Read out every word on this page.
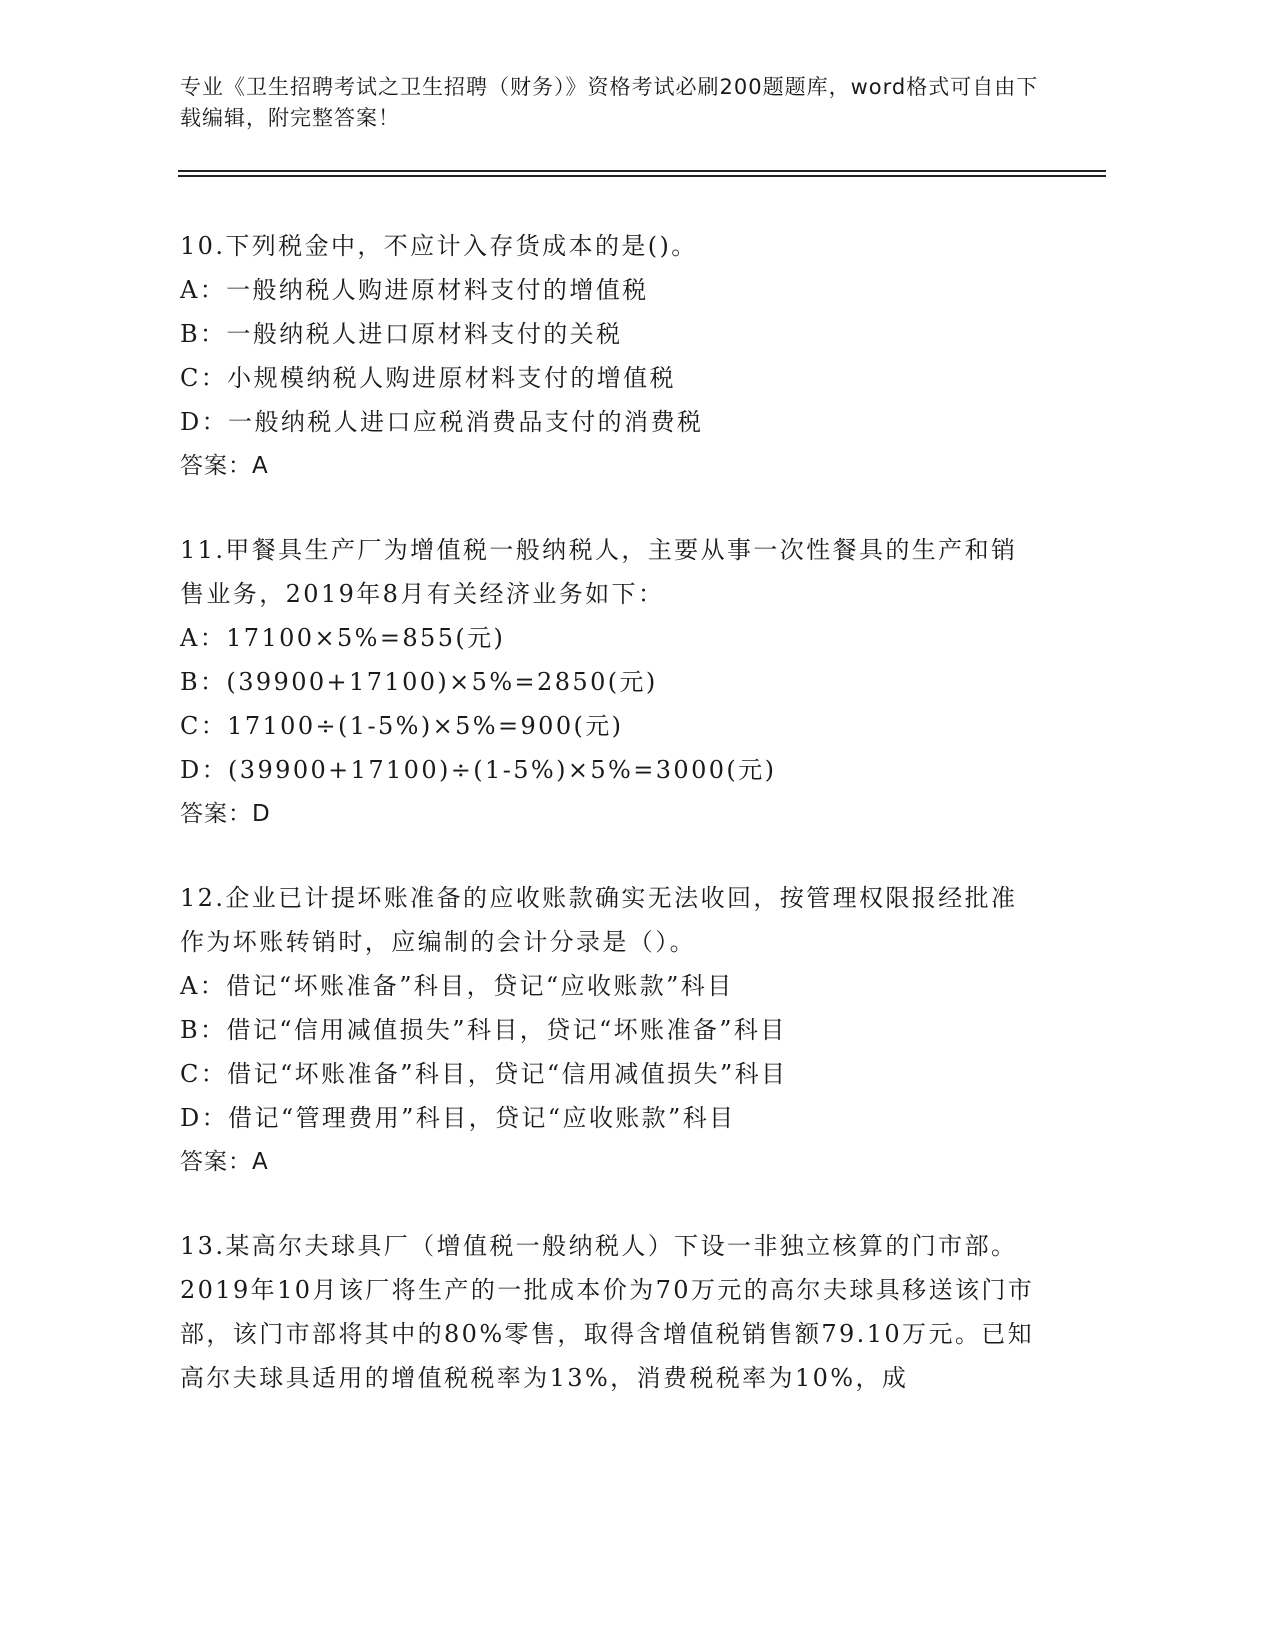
专业《卫生招聘考试之卫生招聘（财务）》资格考试必刷200题题库，word格式可自由下载编辑，附完整答案！
10.下列税金中，不应计入存货成本的是()。
A：一般纳税人购进原材料支付的增值税
B：一般纳税人进口原材料支付的关税
C：小规模纳税人购进原材料支付的增值税
D：一般纳税人进口应税消费品支付的消费税
答案：A
11.甲餐具生产厂为增值税一般纳税人，主要从事一次性餐具的生产和销售业务，2019年8月有关经济业务如下：
A：17100×5%=855(元)
B：(39900+17100)×5%=2850(元)
C：17100÷(1-5%)×5%=900(元)
D：(39900+17100)÷(1-5%)×5%=3000(元)
答案：D
12.企业已计提坏账准备的应收账款确实无法收回，按管理权限报经批准作为坏账转销时，应编制的会计分录是（）。
A：借记“坏账准备”科目，贷记“应收账款”科目
B：借记“信用减值损失”科目，贷记“坏账准备”科目
C：借记“坏账准备”科目，贷记“信用减值损失”科目
D：借记“管理费用”科目，贷记“应收账款”科目
答案：A
13.某高尔夫球具厂（增值税一般纳税人）下设一非独立核算的门市部。2019年10月该厂将生产的一批成本价为70万元的高尔夫球具移送该门市部，该门市部将其中的80%零售，取得含增值税销售额79.10万元。已知高尔夫球具适用的增值税税率为13%，消费税税率为10%，成
